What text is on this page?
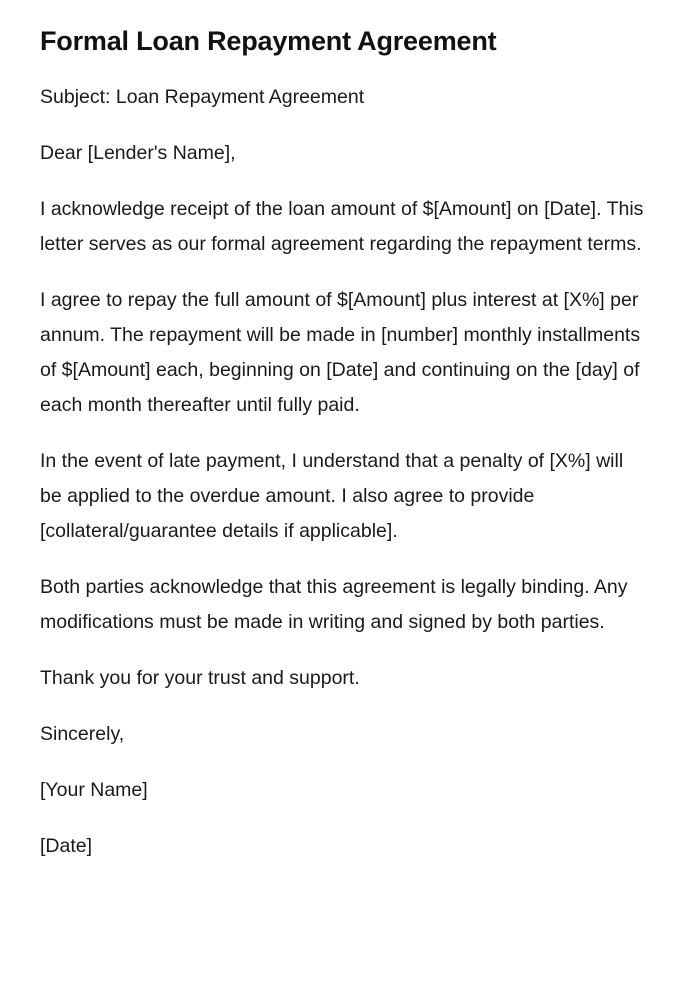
Formal Loan Repayment Agreement

Subject: Loan Repayment Agreement

Dear [Lender's Name],

I acknowledge receipt of the loan amount of $[Amount] on [Date]. This letter serves as our formal agreement regarding the repayment terms.

I agree to repay the full amount of $[Amount] plus interest at [X%] per annum. The repayment will be made in [number] monthly installments of $[Amount] each, beginning on [Date] and continuing on the [day] of each month thereafter until fully paid.

In the event of late payment, I understand that a penalty of [X%] will be applied to the overdue amount. I also agree to provide [collateral/guarantee details if applicable].

Both parties acknowledge that this agreement is legally binding. Any modifications must be made in writing and signed by both parties.

Thank you for your trust and support.

Sincerely,

[Your Name]

[Date]
